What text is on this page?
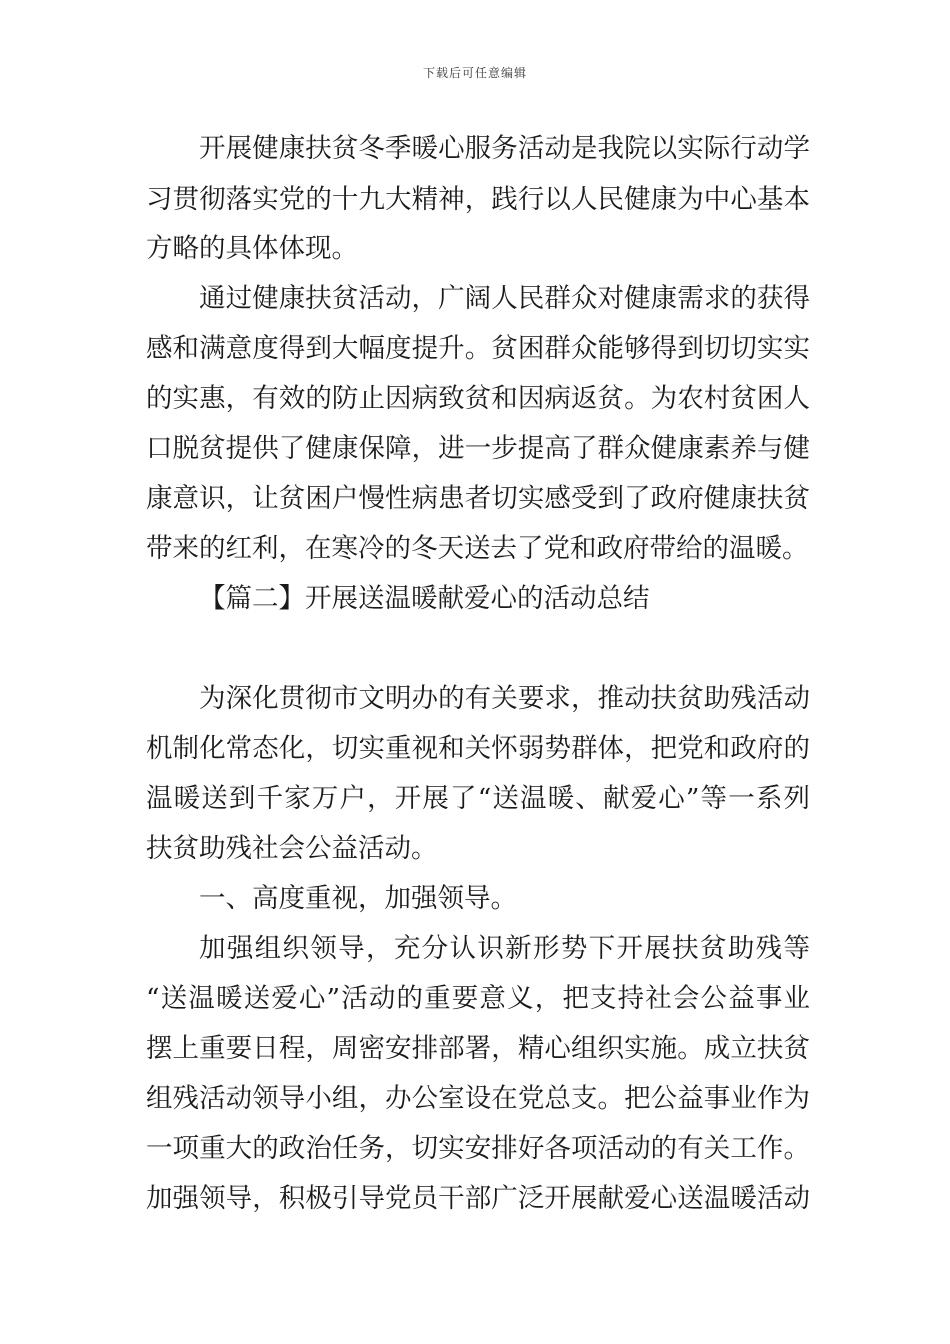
下载后可任意编辑
开展健康扶贫冬季暖心服务活动是我院以实际行动学
习贯彻落实党的十九大精神，践行以人民健康为中心基本
方略的具体体现。
通过健康扶贫活动，广阔人民群众对健康需求的获得
感和满意度得到大幅度提升。贫困群众能够得到切切实实
的实惠，有效的防止因病致贫和因病返贫。为农村贫困人
口脱贫提供了健康保障，进一步提高了群众健康素养与健
康意识，让贫困户慢性病患者切实感受到了政府健康扶贫
带来的红利，在寒冷的冬天送去了党和政府带给的温暖。
【篇二】开展送温暖献爱心的活动总结
为深化贯彻市文明办的有关要求，推动扶贫助残活动
机制化常态化，切实重视和关怀弱势群体，把党和政府的
温暖送到千家万户，开展了“送温暖、献爱心”等一系列
扶贫助残社会公益活动。
一、高度重视，加强领导。
加强组织领导，充分认识新形势下开展扶贫助残等
“送温暖送爱心”活动的重要意义，把支持社会公益事业
摆上重要日程，周密安排部署，精心组织实施。成立扶贫
组残活动领导小组，办公室设在党总支。把公益事业作为
一项重大的政治任务，切实安排好各项活动的有关工作。
加强领导，积极引导党员干部广泛开展献爱心送温暖活动
